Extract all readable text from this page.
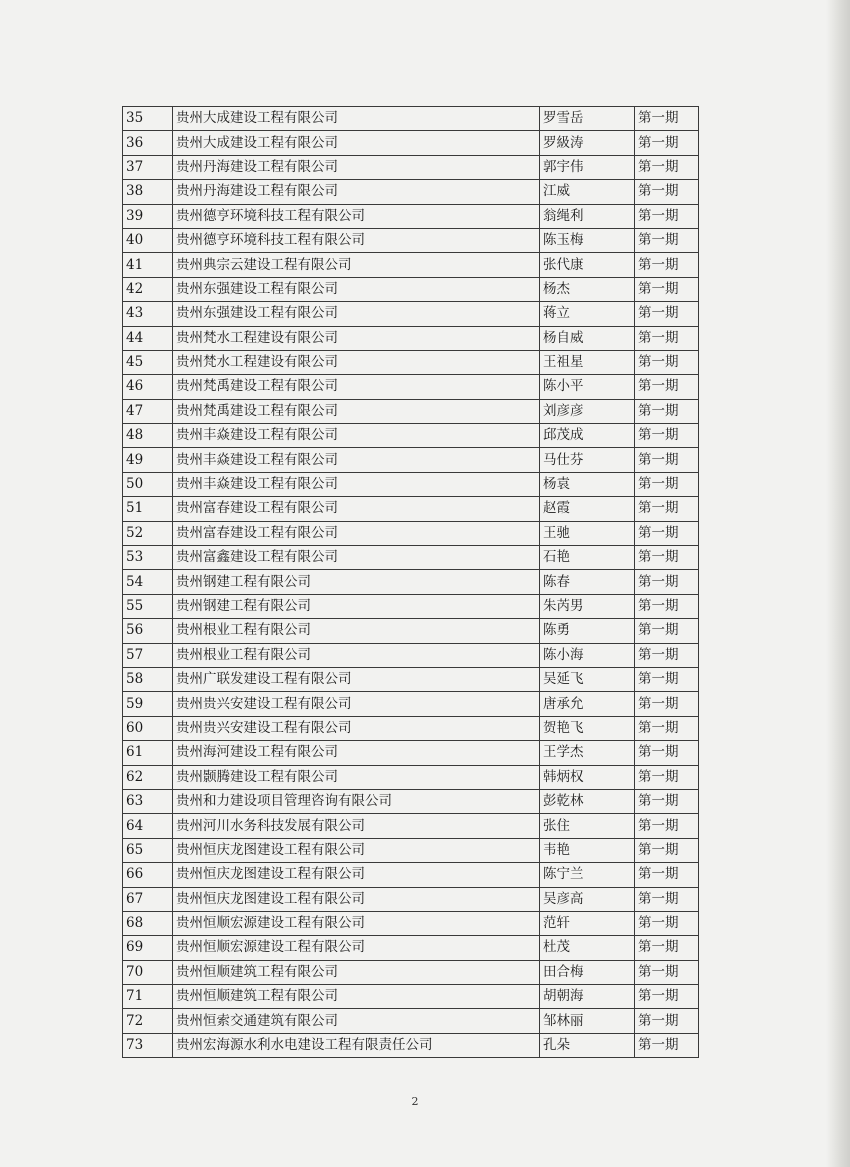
35	贵州大成建设工程有限公司	罗雪岳	第一期
36	贵州大成建设工程有限公司	罗級涛	第一期
37	贵州丹海建设工程有限公司	郭宇伟	第一期
38	贵州丹海建设工程有限公司	江威	第一期
39	贵州德亨环境科技工程有限公司	翁绳利	第一期
40	贵州德亨环境科技工程有限公司	陈玉梅	第一期
41	贵州典宗云建设工程有限公司	张代康	第一期
42	贵州东强建设工程有限公司	杨杰	第一期
43	贵州东强建设工程有限公司	蒋立	第一期
44	贵州梵水工程建设有限公司	杨自威	第一期
45	贵州梵水工程建设有限公司	王祖星	第一期
46	贵州梵禹建设工程有限公司	陈小平	第一期
47	贵州梵禹建设工程有限公司	刘彦彦	第一期
48	贵州丰焱建设工程有限公司	邱茂成	第一期
49	贵州丰焱建设工程有限公司	马仕芬	第一期
50	贵州丰焱建设工程有限公司	杨袁	第一期
51	贵州富春建设工程有限公司	赵霞	第一期
52	贵州富春建设工程有限公司	王驰	第一期
53	贵州富鑫建设工程有限公司	石艳	第一期
54	贵州钢建工程有限公司	陈春	第一期
55	贵州钢建工程有限公司	朱芮男	第一期
56	贵州根业工程有限公司	陈勇	第一期
57	贵州根业工程有限公司	陈小海	第一期
58	贵州广联发建设工程有限公司	吴延飞	第一期
59	贵州贵兴安建设工程有限公司	唐承允	第一期
60	贵州贵兴安建设工程有限公司	贺艳飞	第一期
61	贵州海河建设工程有限公司	王学杰	第一期
62	贵州颢腾建设工程有限公司	韩炳权	第一期
63	贵州和力建设项目管理咨询有限公司	彭乾林	第一期
64	贵州河川水务科技发展有限公司	张住	第一期
65	贵州恒庆龙图建设工程有限公司	韦艳	第一期
66	贵州恒庆龙图建设工程有限公司	陈宁兰	第一期
67	贵州恒庆龙图建设工程有限公司	吴彦高	第一期
68	贵州恒顺宏源建设工程有限公司	范轩	第一期
69	贵州恒顺宏源建设工程有限公司	杜茂	第一期
70	贵州恒顺建筑工程有限公司	田合梅	第一期
71	贵州恒顺建筑工程有限公司	胡朝海	第一期
72	贵州恒索交通建筑有限公司	邹林丽	第一期
73	贵州宏海源水利水电建设工程有限责任公司	孔朵	第一期
2
